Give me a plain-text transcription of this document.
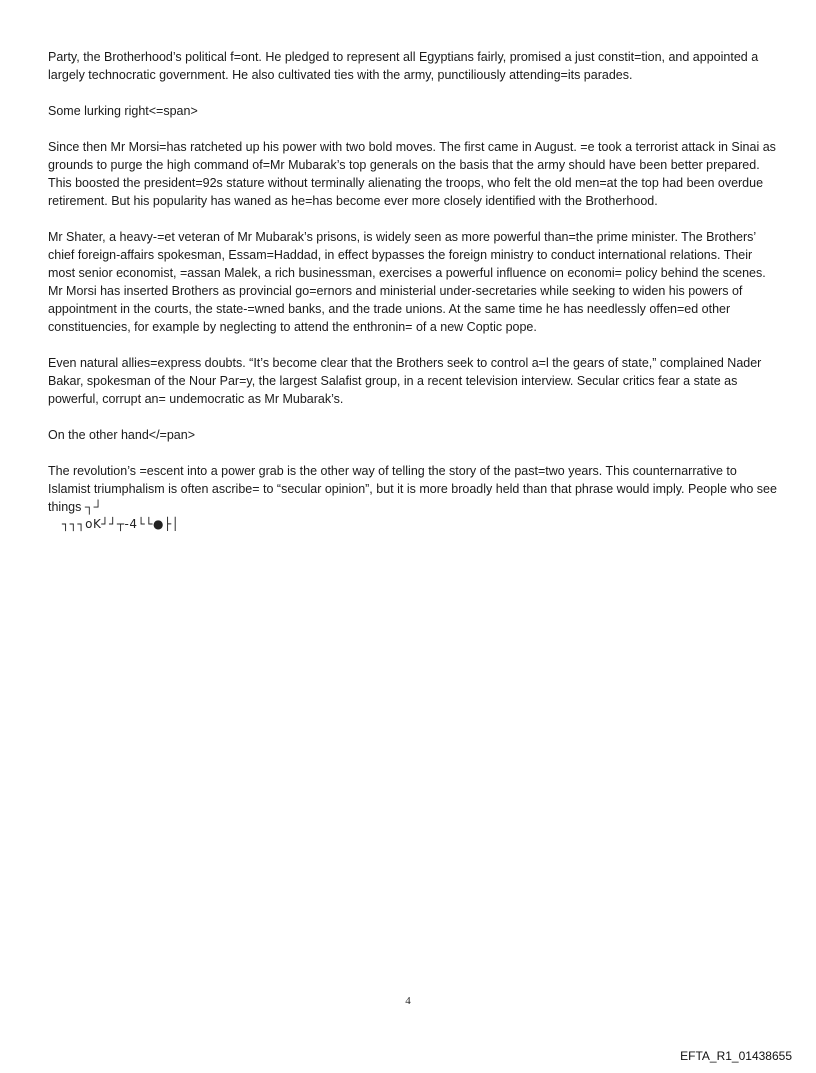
Party, the Brotherhood’s political f=ont. He pledged to represent all Egyptians fairly, promised a just constit=tion, and appointed a largely technocratic government. He also cultivated ties with the army, punctiliously attending=its parades.

Some lurking right<=span>

Since then Mr Morsi=has ratcheted up his power with two bold moves. The first came in August. =e took a terrorist attack in Sinai as grounds to purge the high command of=Mr Mubarak’s top generals on the basis that the army should have been better prepared. This boosted the president=92s stature without terminally alienating the troops, who felt the old men=at the top had been overdue retirement. But his popularity has waned as he=has become ever more closely identified with the Brotherhood.

Mr Shater, a heavy-=et veteran of Mr Mubarak’s prisons, is widely seen as more powerful than=the prime minister. The Brothers’ chief foreign-affairs spokesman, Essam=Haddad, in effect bypasses the foreign ministry to conduct international relations. Their most senior economist, =assan Malek, a rich businessman, exercises a powerful influence on economi= policy behind the scenes. Mr Morsi has inserted Brothers as provincial go=ernors and ministerial under-secretaries while seeking to widen his powers of appointment in the courts, the state-=wned banks, and the trade unions. At the same time he has needlessly offen=ed other constituencies, for example by neglecting to attend the enthronin= of a new Coptic pope.

Even natural allies=express doubts. “It’s become clear that the Brothers seek to control a=l the gears of state,” complained Nader Bakar, spokesman of the Nour Par=y, the largest Salafist group, in a recent television interview. Secular critics fear a state as powerful, corrupt an= undemocratic as Mr Mubarak’s.

On the other hand</=pan>

The revolution’s =escent into a power grab is the other way of telling the story of the past=two years. This counternarrative to Islamist triumphalism is often ascribe= to “secular opinion”, but it is more broadly held than that phrase would imply. People who see things ┐┘

┐┐┐oK┘┘┬-4└└●├│
4
EFTA_R1_01438655
